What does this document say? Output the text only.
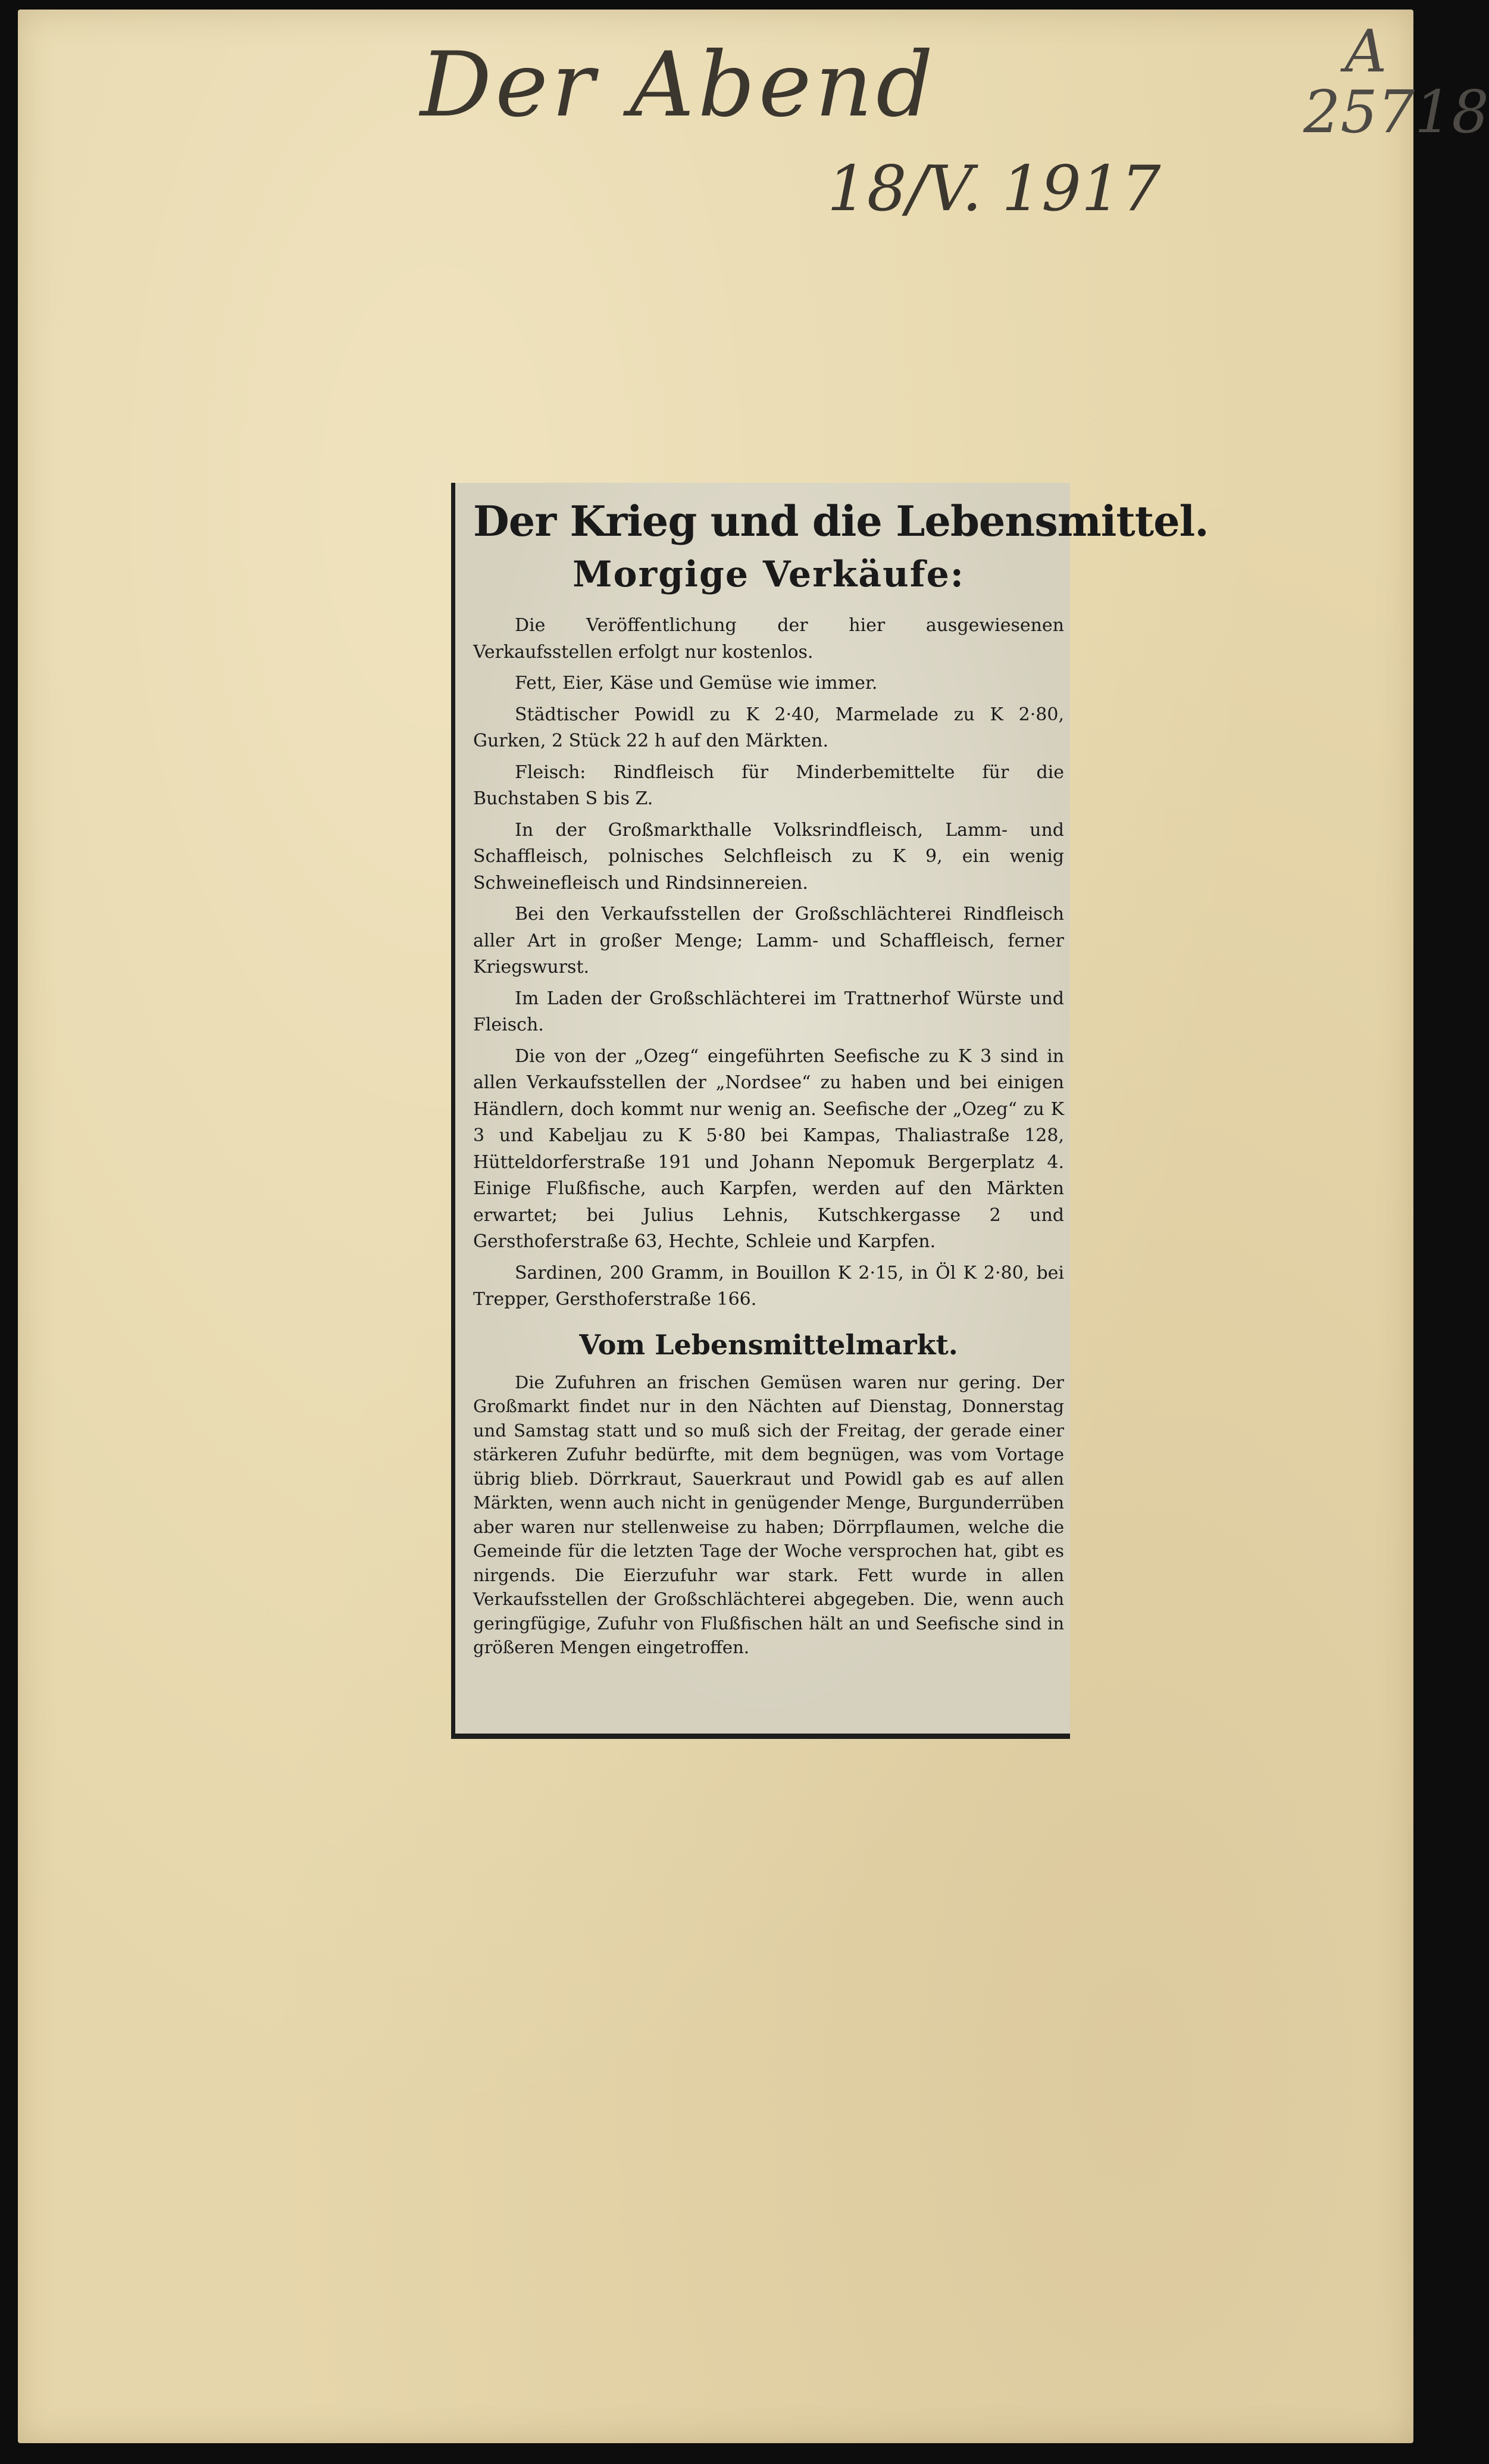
Der Abend
18/V. 1917
A
25718
Der Krieg und die Lebensmittel.
Morgige Verkäufe:

Die Veröffentlichung der hier ausgewiesenen Verkaufsstellen erfolgt nur kostenlos.

Fett, Eier, Käse und Gemüse wie immer.

Städtischer Powidl zu K 2·40, Marmelade zu K 2·80, Gurken, 2 Stück 22 h auf den Märkten.

Fleisch: Rindfleisch für Minderbemittelte für die Buchstaben S bis Z.

In der Großmarkthalle Volksrindfleisch, Lamm- und Schaffleisch, polnisches Selchfleisch zu K 9, ein wenig Schweinefleisch und Rindsinnereien.

Bei den Verkaufsstellen der Großschlächterei Rindfleisch aller Art in großer Menge; Lamm- und Schaffleisch, ferner Kriegswurst.

Im Laden der Großschlächterei im Trattnerhof Würste und Fleisch.

Die von der „Ozeg“ eingeführten Seefische zu K 3 sind in allen Verkaufsstellen der „Nordsee“ zu haben und bei einigen Händlern, doch kommt nur wenig an. Seefische der „Ozeg“ zu K 3 und Kabeljau zu K 5·80 bei Kampas, Thaliastraße 128, Hütteldorferstraße 191 und Johann Nepomuk Bergerplatz 4. Einige Flußfische, auch Karpfen, werden auf den Märkten erwartet; bei Julius Lehnis, Kutschkergasse 2 und Gersthoferstraße 63, Hechte, Schleie und Karpfen.

Sardinen, 200 Gramm, in Bouillon K 2·15, in Öl K 2·80, bei Trepper, Gersthoferstraße 166.

Vom Lebensmittelmarkt.

Die Zufuhren an frischen Gemüsen waren nur gering. Der Großmarkt findet nur in den Nächten auf Dienstag, Donnerstag und Samstag statt und so muß sich der Freitag, der gerade einer stärkeren Zufuhr bedürfte, mit dem begnügen, was vom Vortage übrig blieb. Dörrkraut, Sauerkraut und Powidl gab es auf allen Märkten, wenn auch nicht in genügender Menge, Burgunderrüben aber waren nur stellenweise zu haben; Dörrpflaumen, welche die Gemeinde für die letzten Tage der Woche versprochen hat, gibt es nirgends. Die Eierzufuhr war stark. Fett wurde in allen Verkaufsstellen der Großschlächterei abgegeben. Die, wenn auch geringfügige, Zufuhr von Flußfischen hält an und Seefische sind in größeren Mengen eingetroffen.
